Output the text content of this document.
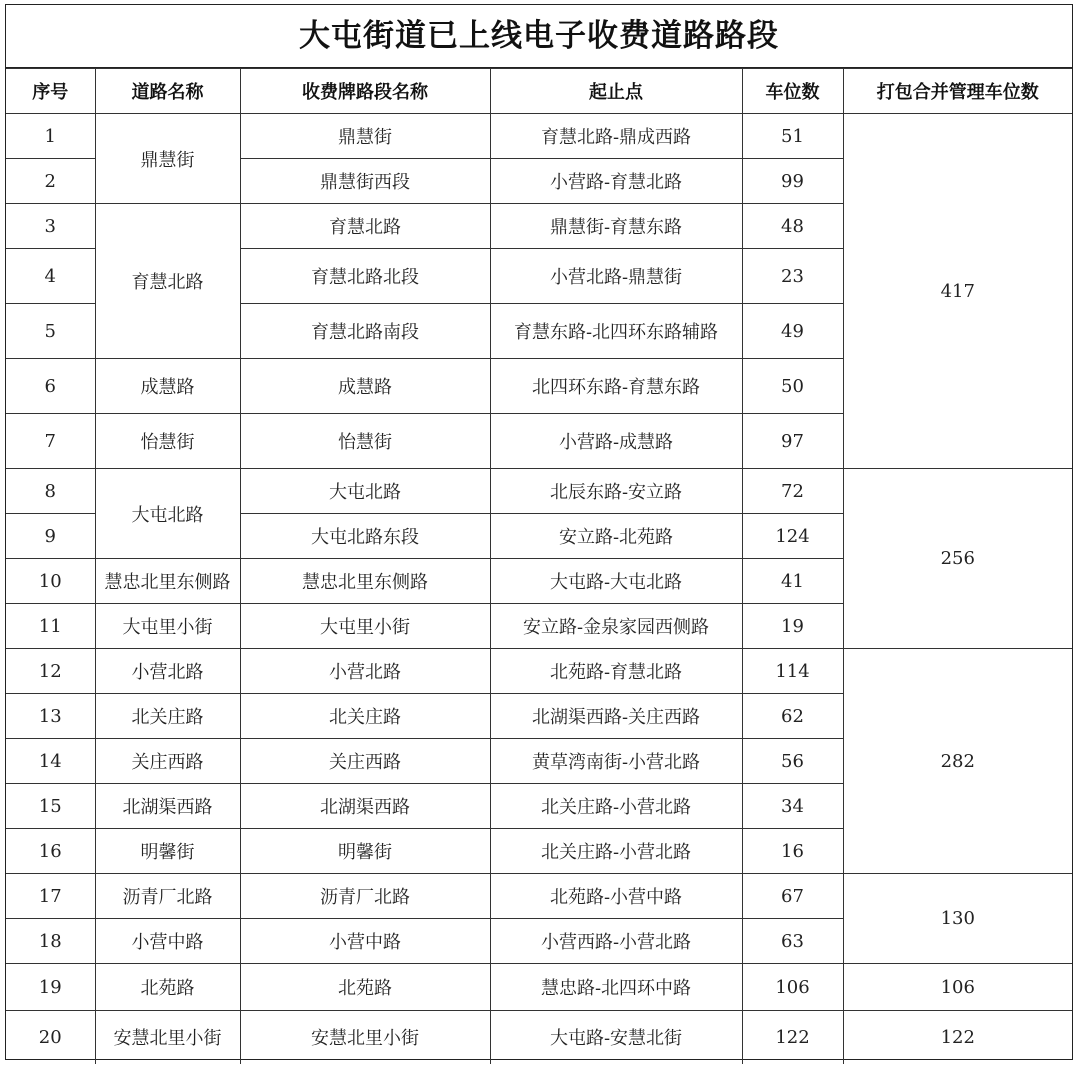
大屯街道已上线电子收费道路路段
序号	道路名称	收费牌路段名称	起止点	车位数	打包合并管理车位数
1	鼎慧街	鼎慧街	育慧北路-鼎成西路	51	417
2		鼎慧街西段	小营路-育慧北路	99	
3	育慧北路	育慧北路	鼎慧街-育慧东路	48	
4		育慧北路北段	小营北路-鼎慧街	23	
5		育慧北路南段	育慧东路-北四环东路辅路	49	
6	成慧路	成慧路	北四环东路-育慧东路	50	
7	怡慧街	怡慧街	小营路-成慧路	97	
8	大屯北路	大屯北路	北辰东路-安立路	72	256
9		大屯北路东段	安立路-北苑路	124	
10	慧忠北里东侧路	慧忠北里东侧路	大屯路-大屯北路	41	
11	大屯里小街	大屯里小街	安立路-金泉家园西侧路	19	
12	小营北路	小营北路	北苑路-育慧北路	114	282
13	北关庄路	北关庄路	北湖渠西路-关庄西路	62	
14	关庄西路	关庄西路	黄草湾南街-小营北路	56	
15	北湖渠西路	北湖渠西路	北关庄路-小营北路	34	
16	明馨街	明馨街	北关庄路-小营北路	16	
17	沥青厂北路	沥青厂北路	北苑路-小营中路	67	130
18	小营中路	小营中路	小营西路-小营北路	63	
19	北苑路	北苑路	慧忠路-北四环中路	106	106
20	安慧北里小街	安慧北里小街	大屯路-安慧北街	122	122
